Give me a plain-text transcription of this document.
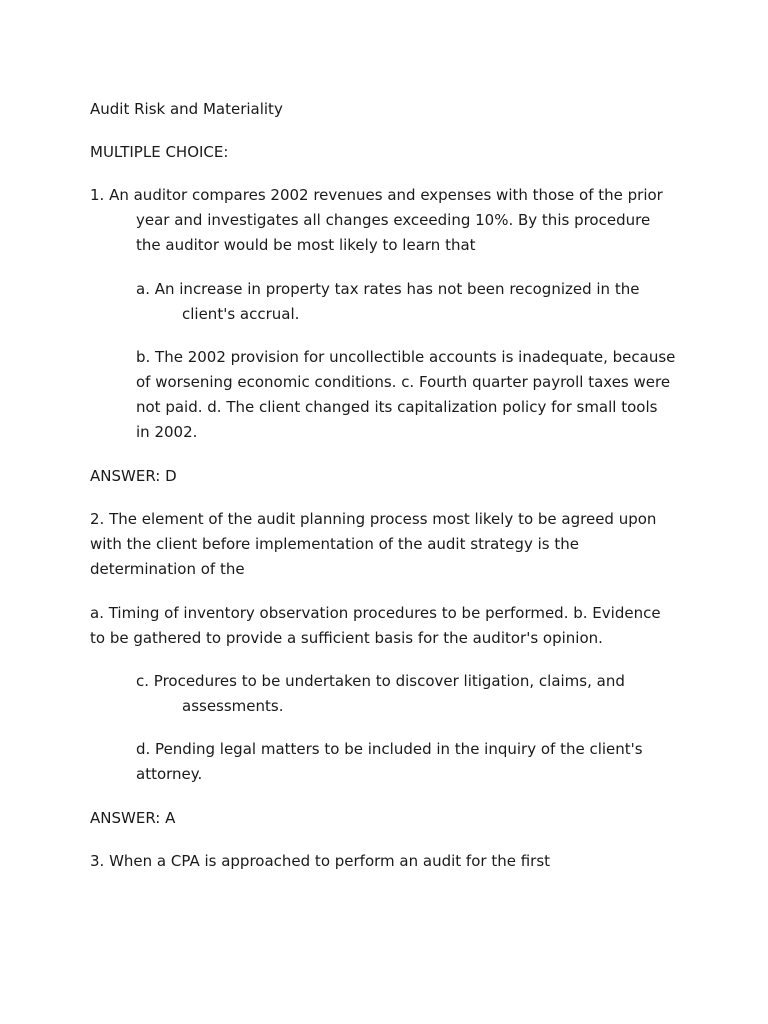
Audit Risk and Materiality

MULTIPLE CHOICE:

1. An auditor compares 2002 revenues and expenses with those of the prior
year and investigates all changes exceeding 10%. By this procedure
the auditor would be most likely to learn that

a. An increase in property tax rates has not been recognized in the
client's accrual.

b. The 2002 provision for uncollectible accounts is inadequate, because
of worsening economic conditions. c. Fourth quarter payroll taxes were
not paid. d. The client changed its capitalization policy for small tools
in 2002.

ANSWER: D

2. The element of the audit planning process most likely to be agreed upon
with the client before implementation of the audit strategy is the
determination of the

a. Timing of inventory observation procedures to be performed. b. Evidence
to be gathered to provide a sufficient basis for the auditor's opinion.

c. Procedures to be undertaken to discover litigation, claims, and
assessments.

d. Pending legal matters to be included in the inquiry of the client's
attorney.

ANSWER: A

3. When a CPA is approached to perform an audit for the first
